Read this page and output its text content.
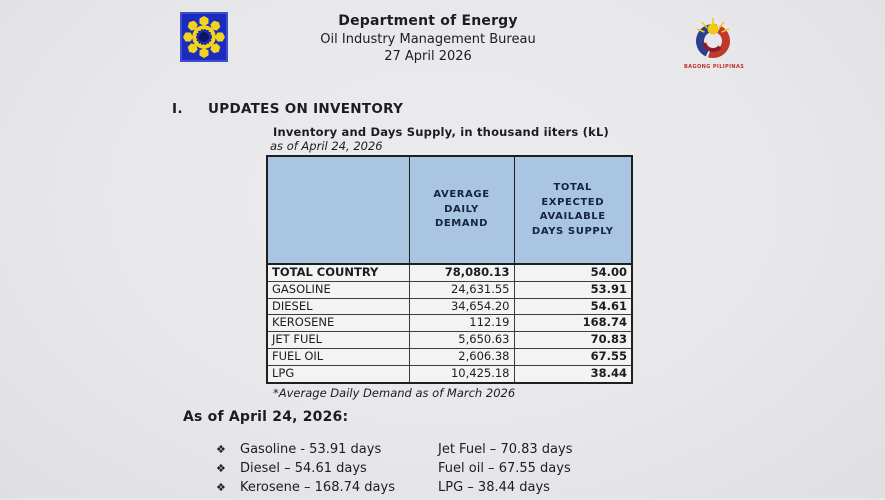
Department of Energy
Oil Industry Management Bureau
27 April 2026
BAGONG PILIPINAS
I. UPDATES ON INVENTORY
Inventory and Days Supply, in thousand iiters (kL)
as of April 24, 2026
	AVERAGE DAILY DEMAND	TOTAL EXPECTED AVAILABLE DAYS SUPPLY
TOTAL COUNTRY	78,080.13	54.00
GASOLINE	24,631.55	53.91
DIESEL	34,654.20	54.61
KEROSENE	112.19	168.74
JET FUEL	5,650.63	70.83
FUEL OIL	2,606.38	67.55
LPG	10,425.18	38.44
*Average Daily Demand as of March 2026
As of April 24, 2026:
❖ Gasoline - 53.91 days	Jet Fuel – 70.83 days
❖ Diesel – 54.61 days	Fuel oil – 67.55 days
❖ Kerosene – 168.74 days	LPG – 38.44 days
